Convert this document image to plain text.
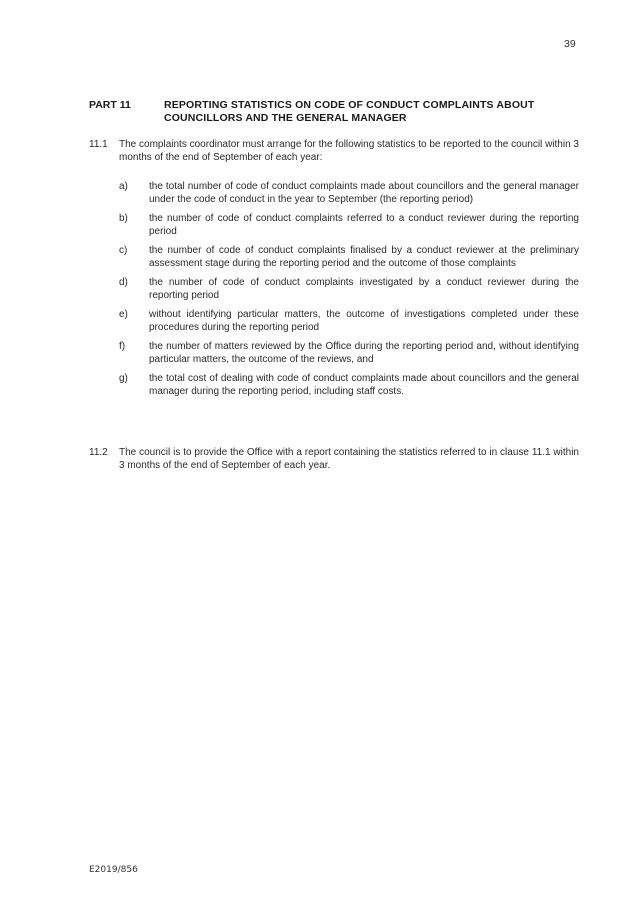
39
PART 11	REPORTING STATISTICS ON CODE OF CONDUCT COMPLAINTS ABOUT
COUNCILLORS AND THE GENERAL MANAGER
11.1 The complaints coordinator must arrange for the following statistics to be reported to the council within 3 months of the end of September of each year:
a) the total number of code of conduct complaints made about councillors and the general manager under the code of conduct in the year to September (the reporting period)
b) the number of code of conduct complaints referred to a conduct reviewer during the reporting period
c) the number of code of conduct complaints finalised by a conduct reviewer at the preliminary assessment stage during the reporting period and the outcome of those complaints
d) the number of code of conduct complaints investigated by a conduct reviewer during the reporting period
e) without identifying particular matters, the outcome of investigations completed under these procedures during the reporting period
f) the number of matters reviewed by the Office during the reporting period and, without identifying particular matters, the outcome of the reviews, and
g) the total cost of dealing with code of conduct complaints made about councillors and the general manager during the reporting period, including staff costs.
11.2 The council is to provide the Office with a report containing the statistics referred to in clause 11.1 within 3 months of the end of September of each year.
E2019/856
